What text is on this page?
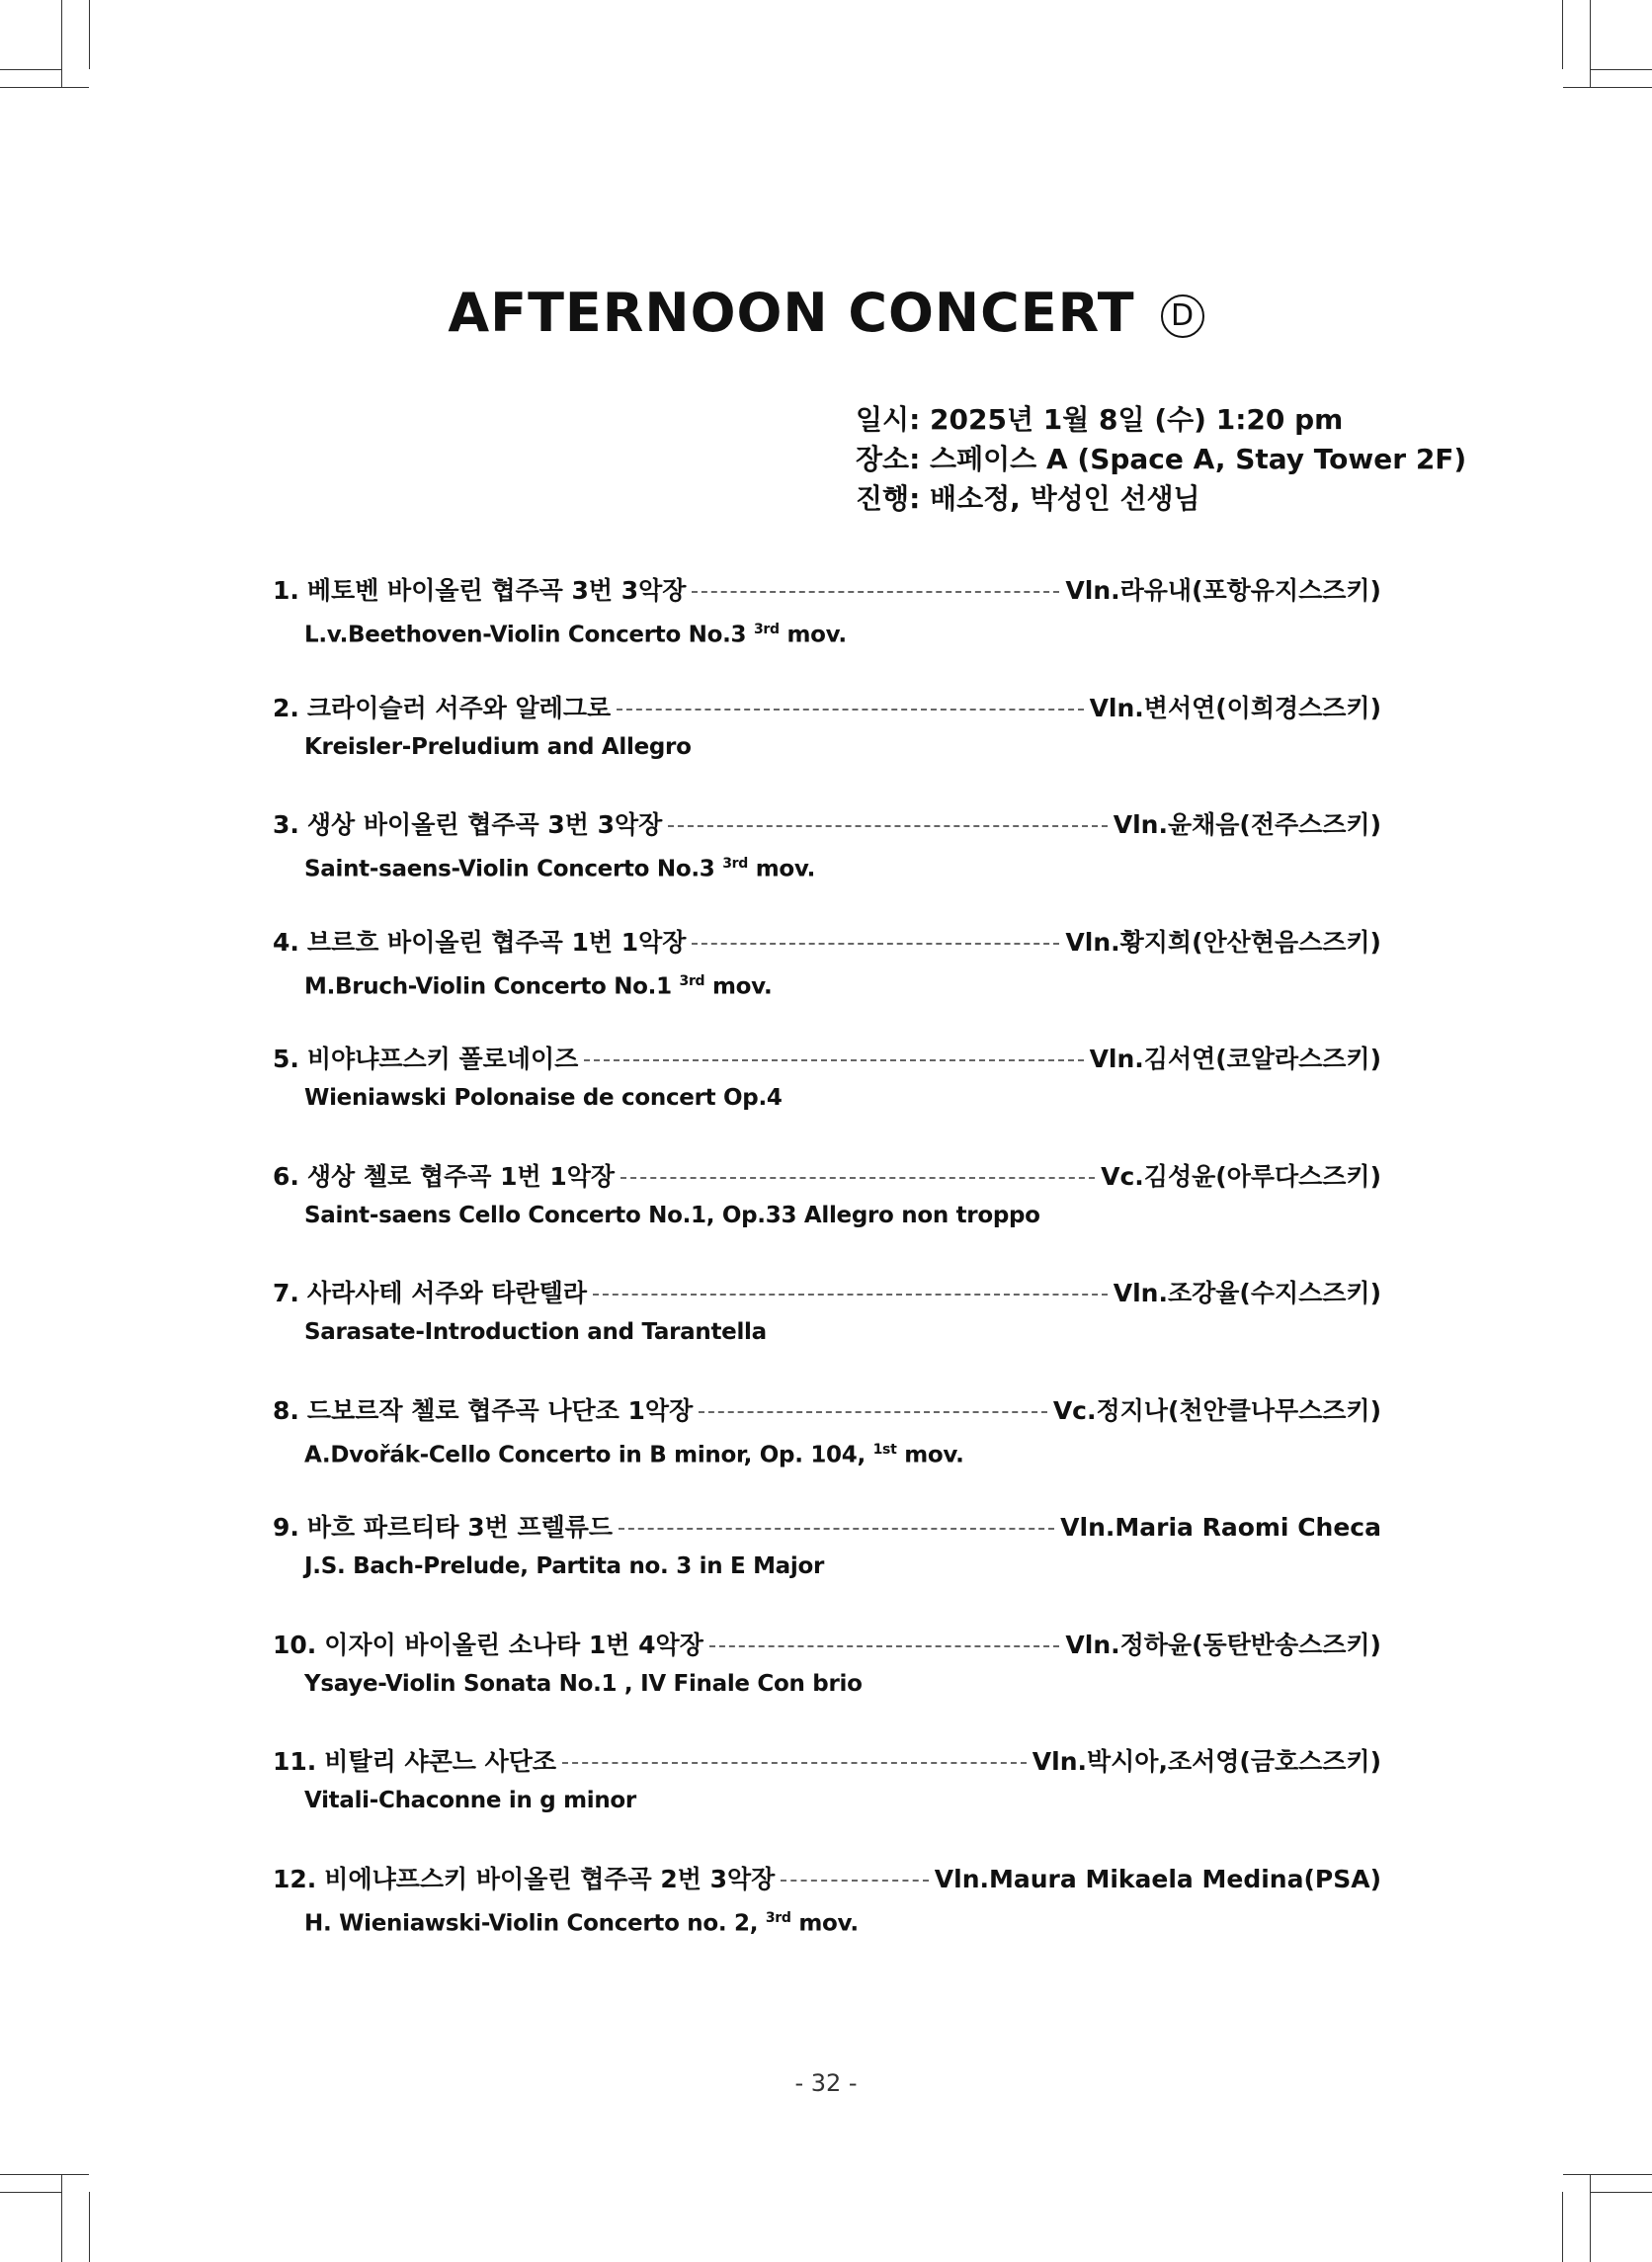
AFTERNOON CONCERT D
일시: 2025년 1월 8일 (수) 1:20 pm
장소: 스페이스 A (Space A, Stay Tower 2F)
진행: 배소정, 박성인 선생님
1. 베토벤 바이올린 협주곡 3번 3악장	Vln.라유내(포항유지스즈키)
L.v.Beethoven-Violin Concerto No.3 $^{3rd}$ mov.
2. 크라이슬러 서주와 알레그로	Vln.변서연(이희경스즈키)
Kreisler-Preludium and Allegro
3. 생상 바이올린 협주곡 3번 3악장	Vln.윤채음(전주스즈키)
Saint-saens-Violin Concerto No.3 $^{3rd}$ mov.
4. 브르흐 바이올린 협주곡 1번 1악장	Vln.황지희(안산현음스즈키)
M.Bruch-Violin Concerto No.1 $^{3rd}$ mov.
5. 비야냐프스키 폴로네이즈	Vln.김서연(코알라스즈키)
Wieniawski Polonaise de concert Op.4
6. 생상 첼로 협주곡 1번 1악장	Vc.김성윤(아루다스즈키)
Saint-saens Cello Concerto No.1, Op.33 Allegro non troppo
7. 사라사테 서주와 타란텔라	Vln.조강율(수지스즈키)
Sarasate-Introduction and Tarantella
8. 드보르작 첼로 협주곡 나단조 1악장	Vc.정지나(천안클나무스즈키)
A.Dvořák-Cello Concerto in B minor, Op. 104, $^{1st}$ mov.
9. 바흐 파르티타 3번 프렐류드	Vln.Maria Raomi Checa
J.S. Bach-Prelude, Partita no. 3 in E Major
10. 이자이 바이올린 소나타 1번 4악장	Vln.정하윤(동탄반송스즈키)
Ysaye-Violin Sonata No.1 , IV Finale Con brio
11. 비탈리 샤콘느 사단조	Vln.박시아,조서영(금호스즈키)
Vitali-Chaconne in g minor
12. 비에냐프스키 바이올린 협주곡 2번 3악장	Vln.Maura Mikaela Medina(PSA)
H. Wieniawski-Violin Concerto no. 2, $^{3rd}$ mov.
- 32 -
